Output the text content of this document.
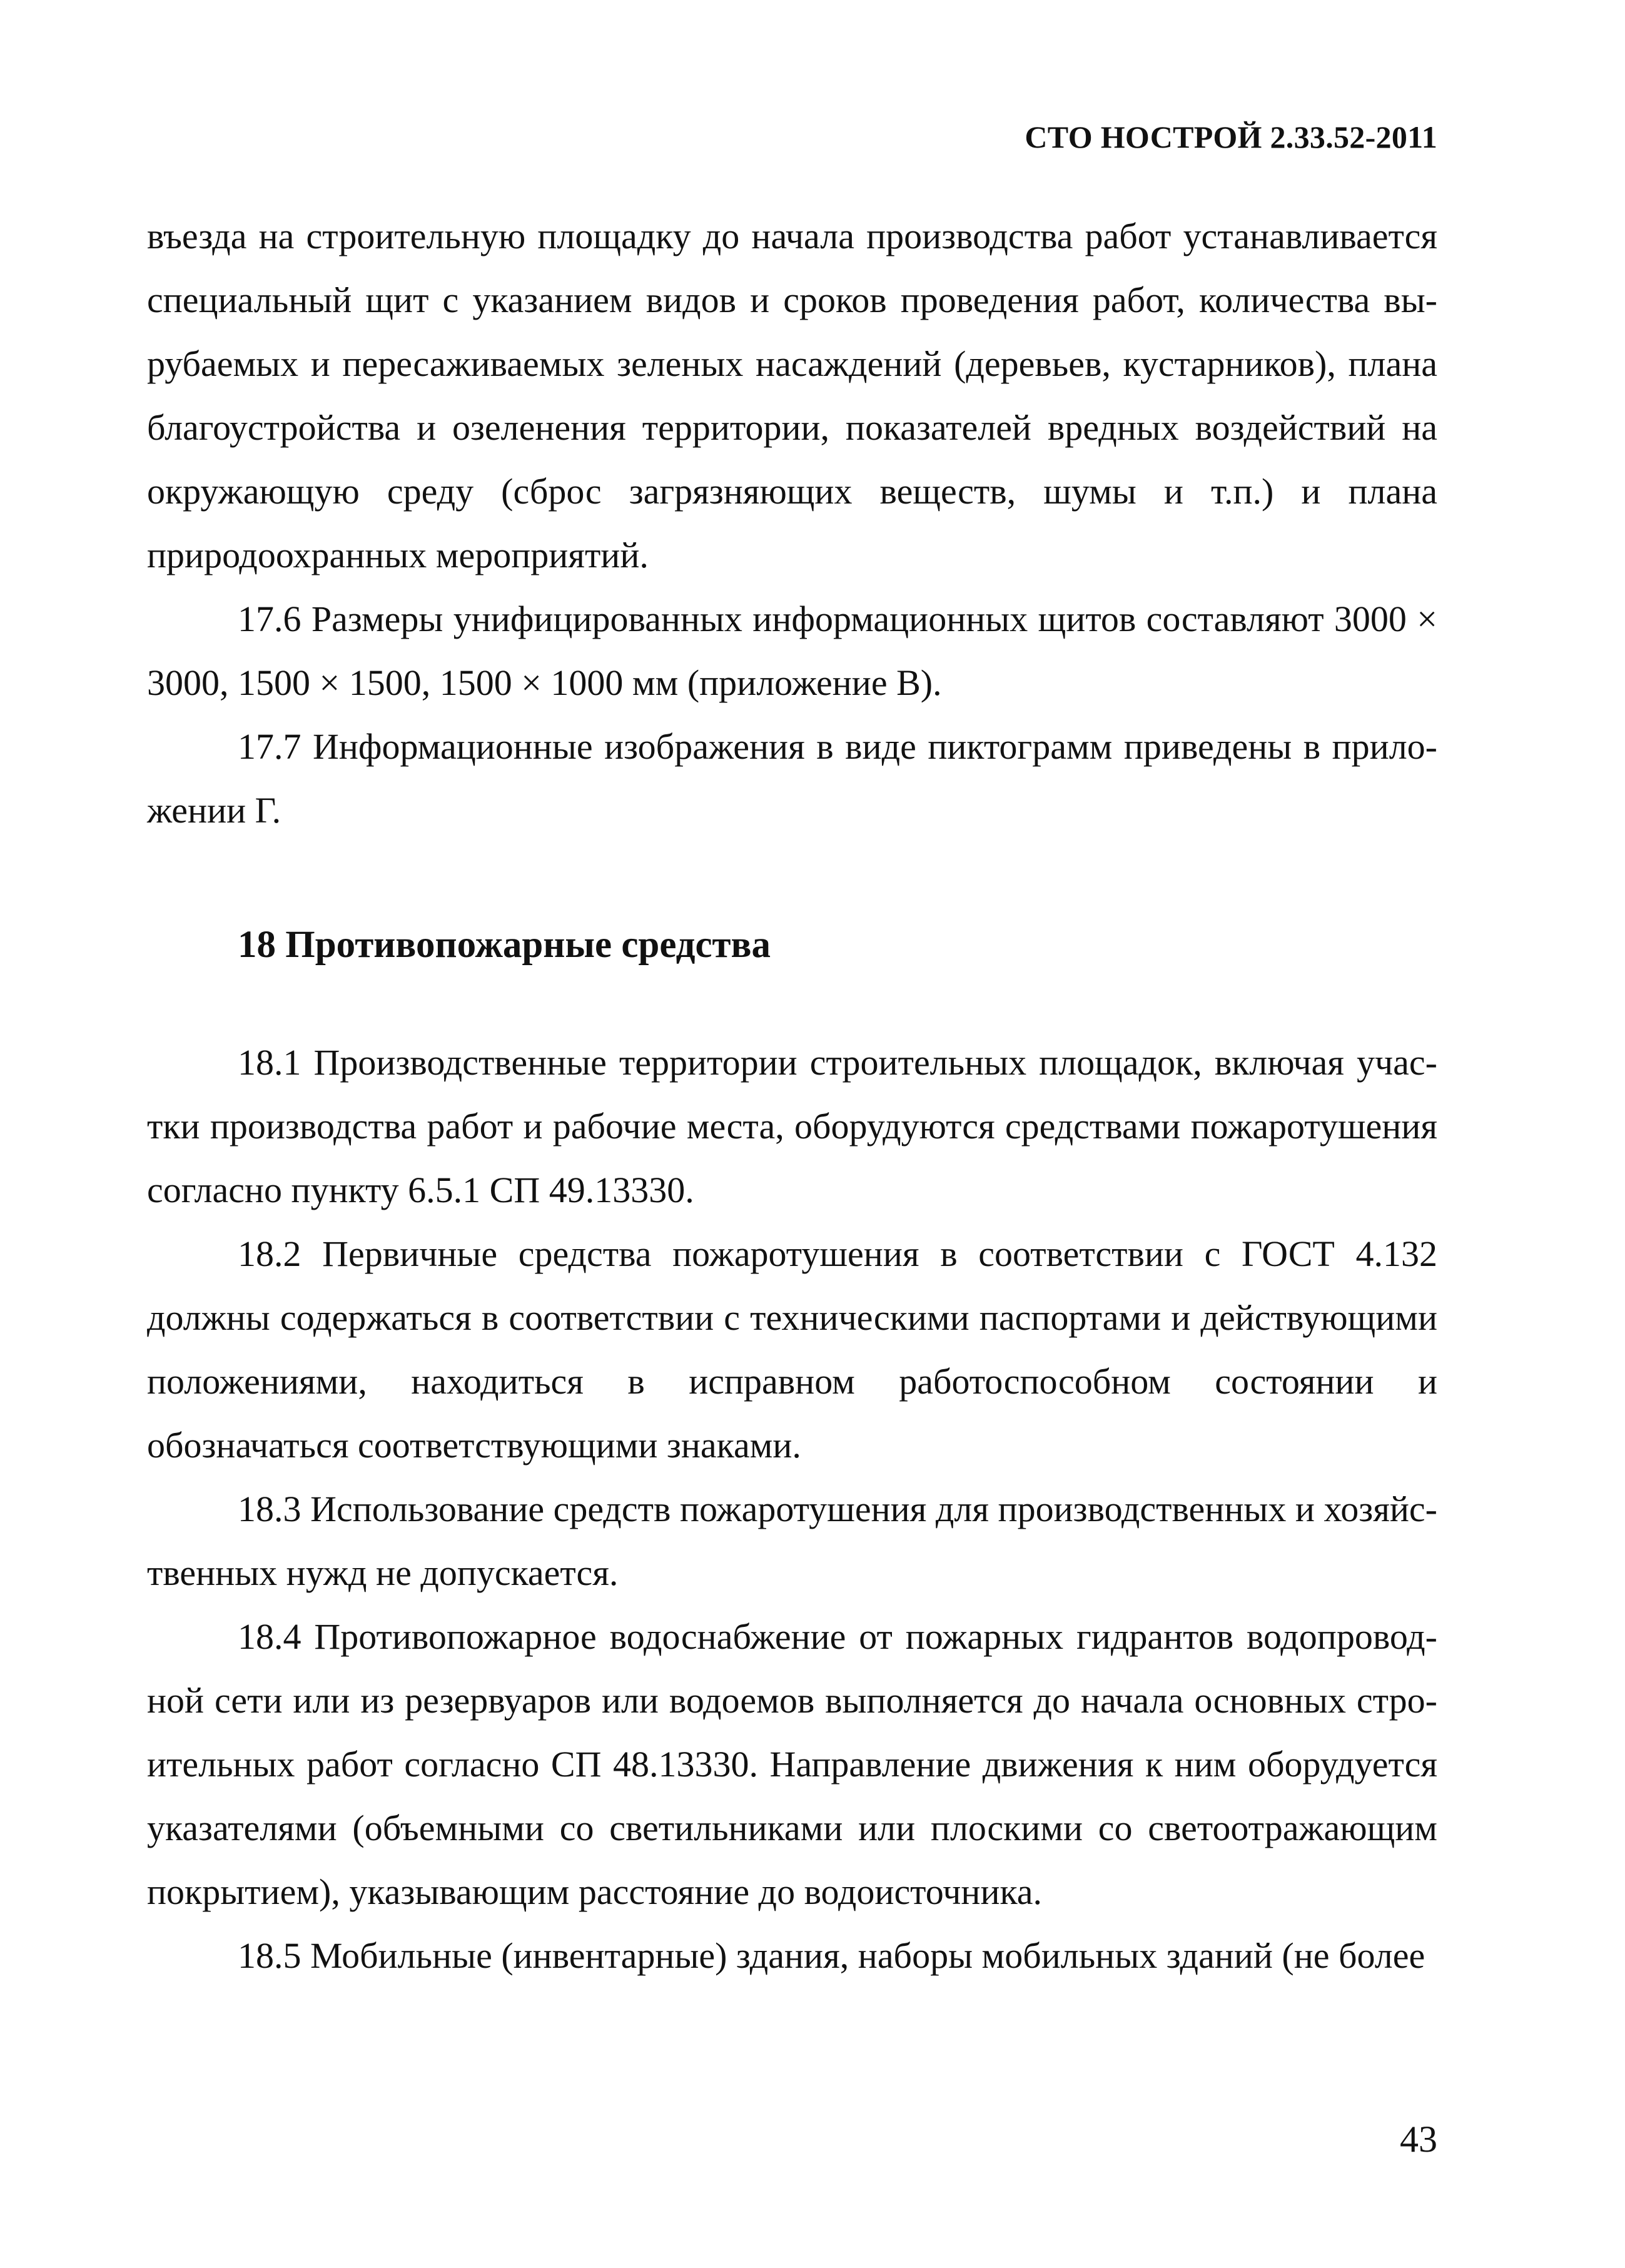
СТО НОСТРОЙ 2.33.52-2011

въезда на строительную площадку до начала производства работ устанавливается специальный щит с указанием видов и сроков проведения работ, количества вырубаемых и пересаживаемых зеленых насаждений (деревьев, кустарников), плана благоустройства и озеленения территории, показателей вредных воздействий на окружающую среду (сброс загрязняющих веществ, шумы и т.п.) и плана природоохранных мероприятий.

17.6 Размеры унифицированных информационных щитов составляют 3000 × 3000, 1500 × 1500, 1500 × 1000 мм (приложение В).

17.7 Информационные изображения в виде пиктограмм приведены в приложении Г.

18 Противопожарные средства

18.1 Производственные территории строительных площадок, включая участки производства работ и рабочие места, оборудуются средствами пожаротушения согласно пункту 6.5.1 СП 49.13330.

18.2 Первичные средства пожаротушения в соответствии с ГОСТ 4.132 должны содержаться в соответствии с техническими паспортами и действующими положениями, находиться в исправном работоспособном состоянии и обозначаться соответствующими знаками.

18.3 Использование средств пожаротушения для производственных и хозяйственных нужд не допускается.

18.4 Противопожарное водоснабжение от пожарных гидрантов водопроводной сети или из резервуаров или водоемов выполняется до начала основных строительных работ согласно СП 48.13330. Направление движения к ним оборудуется указателями (объемными со светильниками или плоскими со светоотражающим покрытием), указывающим расстояние до водоисточника.

18.5 Мобильные (инвентарные) здания, наборы мобильных зданий (не более

43
